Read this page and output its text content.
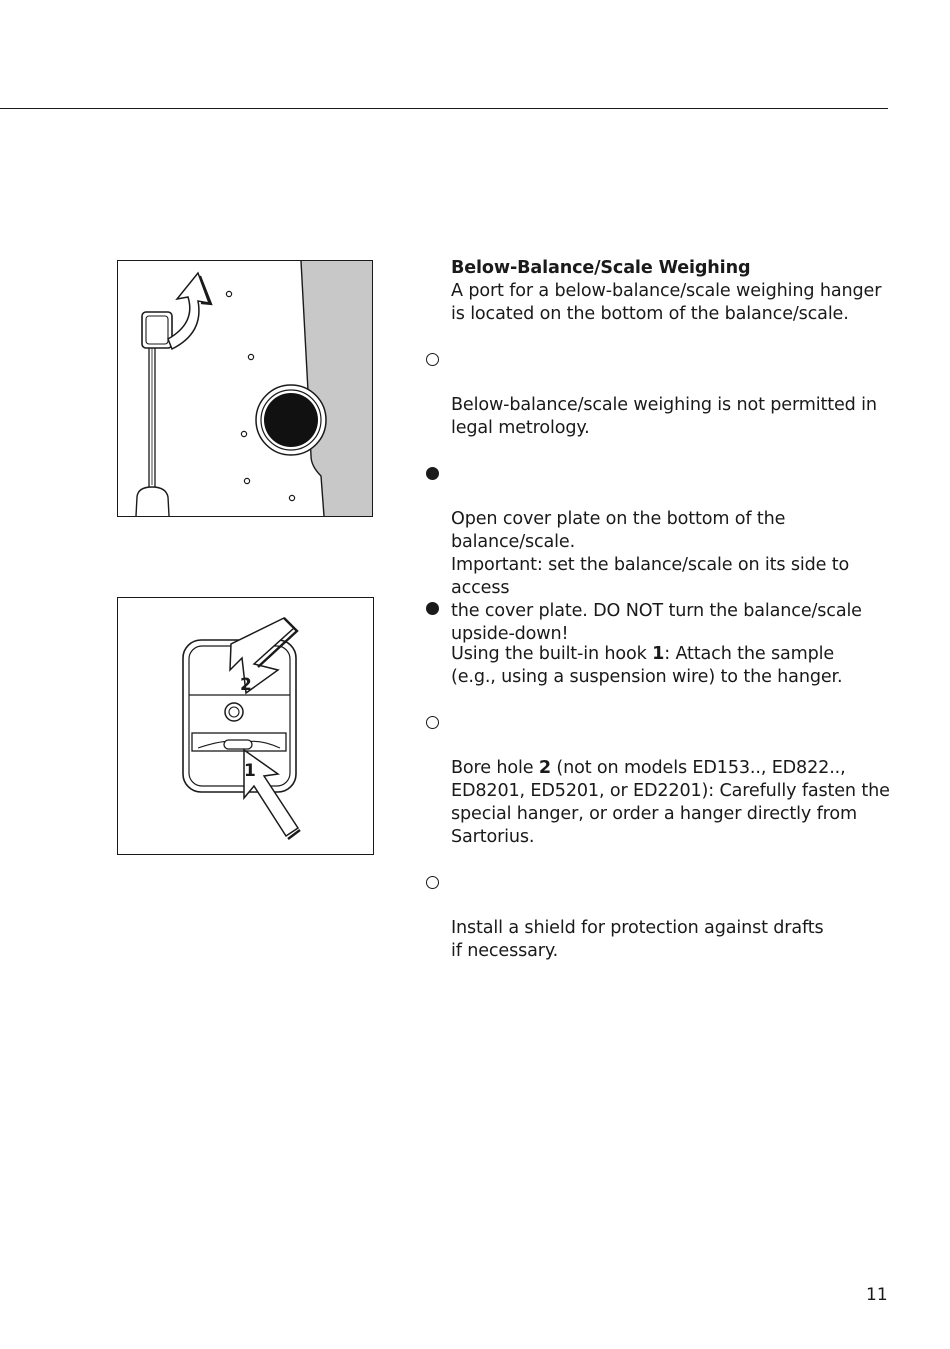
Below-Balance/Scale Weighing
A port for a below-balance/scale weighing hanger
is located on the bottom of the balance/scale.

Below-balance/scale weighing is not permitted in
legal metrology.

Open cover plate on the bottom of the
balance/scale.
Important: set the balance/scale on its side to access
the cover plate. DO NOT turn the balance/scale
upside-down!

2
1

Using the built-in hook 1: Attach the sample
(e.g., using a suspension wire) to the hanger.

Bore hole 2 (not on models ED153.., ED822..,
ED8201, ED5201, or ED2201): Carefully fasten the
special hanger, or order a hanger directly from
Sartorius.

Install a shield for protection against drafts
if necessary.

11
